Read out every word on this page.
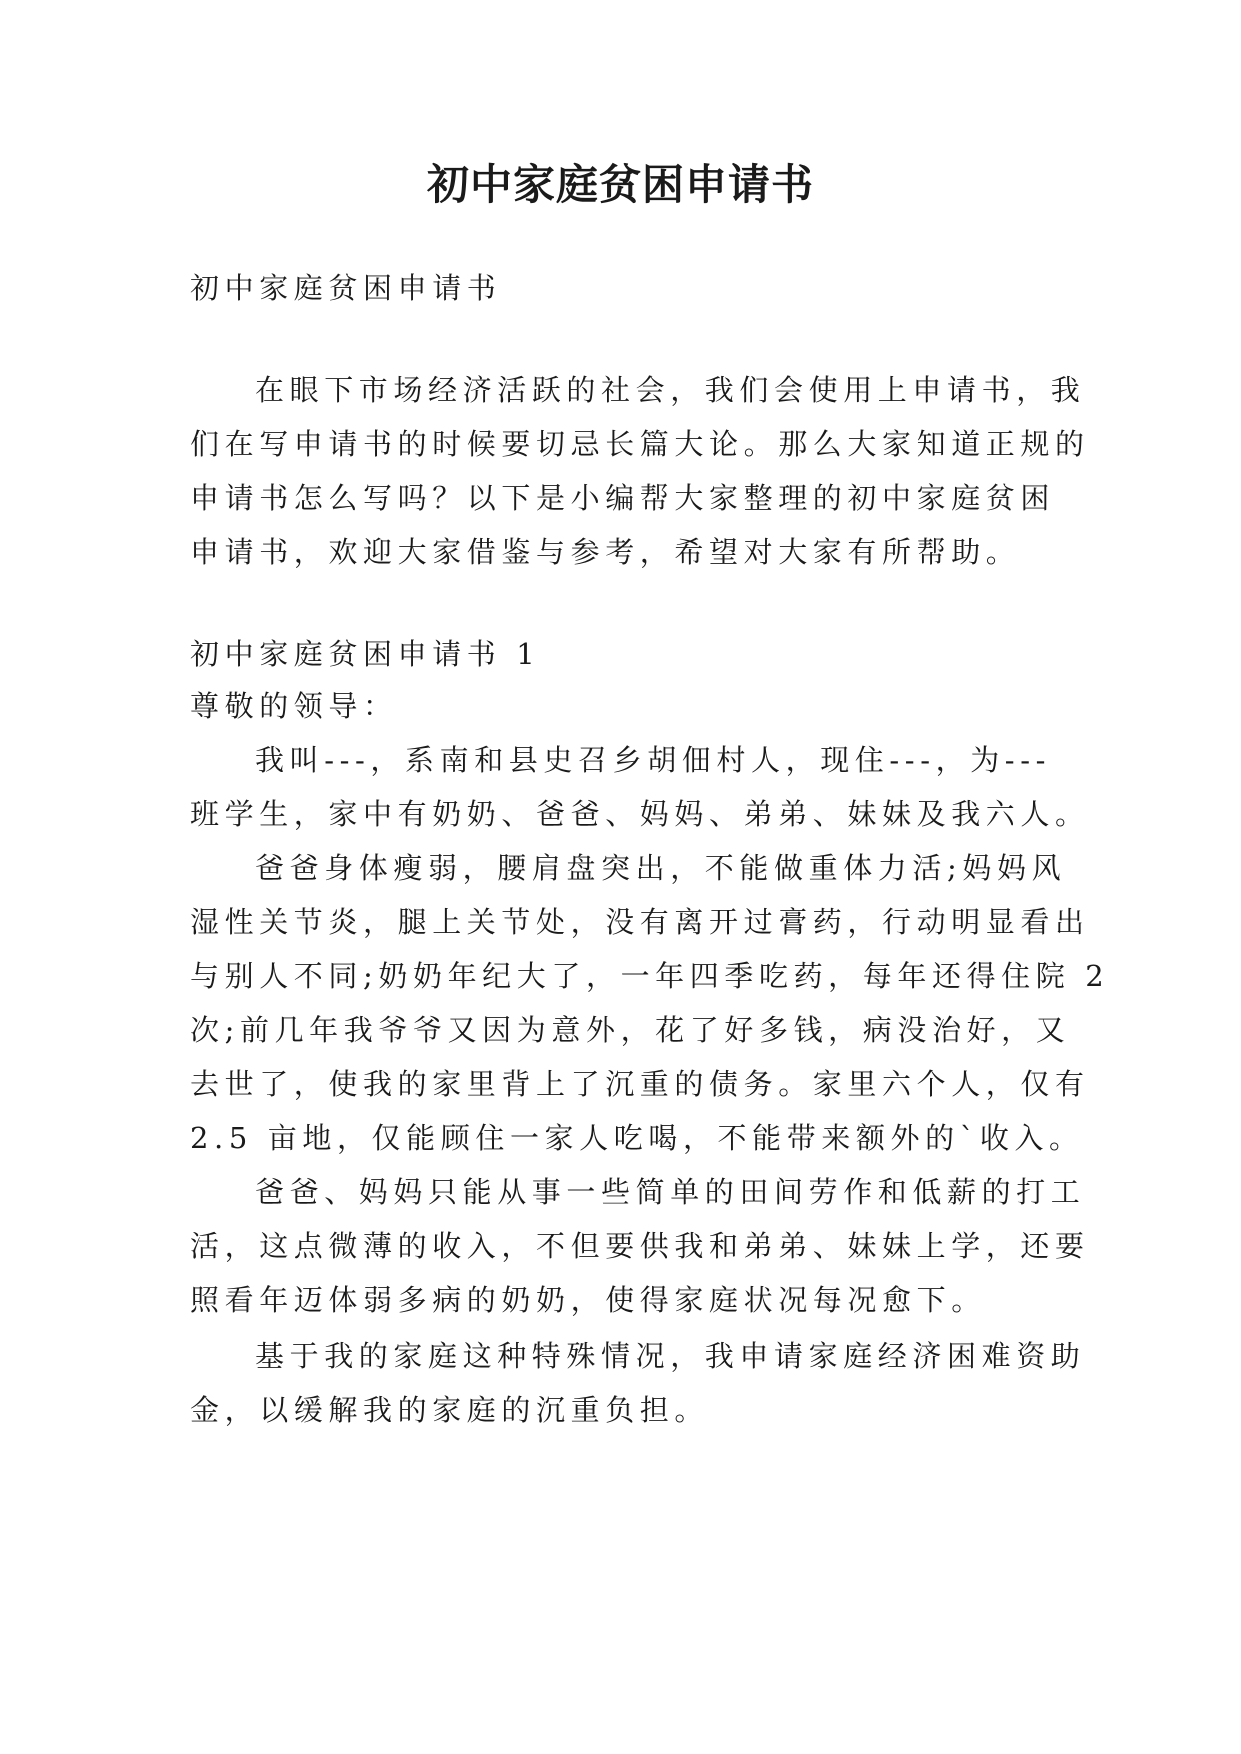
初中家庭贫困申请书
初中家庭贫困申请书
在眼下市场经济活跃的社会，我们会使用上申请书，我
们在写申请书的时候要切忌长篇大论。那么大家知道正规的
申请书怎么写吗？以下是小编帮大家整理的初中家庭贫困
申请书，欢迎大家借鉴与参考，希望对大家有所帮助。
初中家庭贫困申请书 1
尊敬的领导：
我叫---，系南和县史召乡胡佃村人，现住---，为---
班学生，家中有奶奶、爸爸、妈妈、弟弟、妹妹及我六人。
爸爸身体瘦弱，腰肩盘突出，不能做重体力活;妈妈风
湿性关节炎，腿上关节处，没有离开过膏药，行动明显看出
与别人不同;奶奶年纪大了，一年四季吃药，每年还得住院 2
次;前几年我爷爷又因为意外，花了好多钱，病没治好，又
去世了，使我的家里背上了沉重的债务。家里六个人，仅有
2.5 亩地，仅能顾住一家人吃喝，不能带来额外的`收入。
爸爸、妈妈只能从事一些简单的田间劳作和低薪的打工
活，这点微薄的收入，不但要供我和弟弟、妹妹上学，还要
照看年迈体弱多病的奶奶，使得家庭状况每况愈下。
基于我的家庭这种特殊情况，我申请家庭经济困难资助
金，以缓解我的家庭的沉重负担。
